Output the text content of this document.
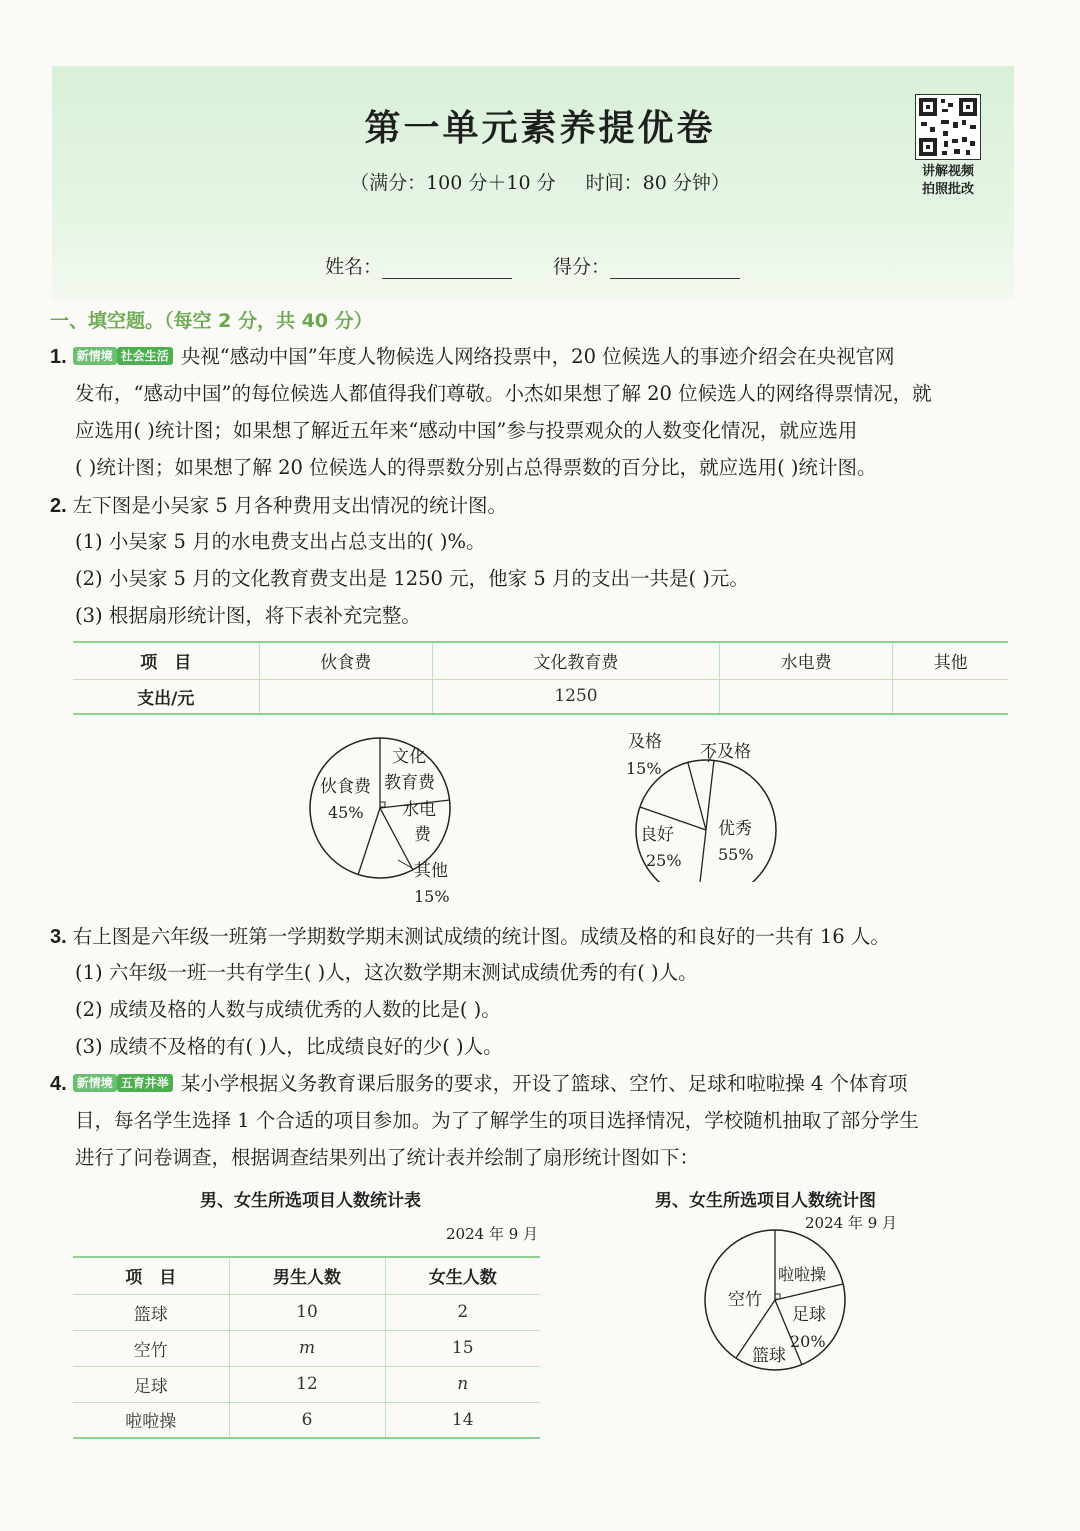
第一单元素养提优卷
（满分：100 分＋10 分 时间：80 分钟）
讲解视频
拍照批改
姓名：	得分：
一、填空题。（每空 2 分，共 40 分）
1. 新情境 社会生活 央视“感动中国”年度人物候选人网络投票中，20 位候选人的事迹介绍会在央视官网
发布，“感动中国”的每位候选人都值得我们尊敬。小杰如果想了解 20 位候选人的网络得票情况，就
应选用( )统计图；如果想了解近五年来“感动中国”参与投票观众的人数变化情况，就应选用
( )统计图；如果想了解 20 位候选人的得票数分别占总得票数的百分比，就应选用( )统计图。
2. 左下图是小吴家 5 月各种费用支出情况的统计图。
(1) 小吴家 5 月的水电费支出占总支出的( )%。
(2) 小吴家 5 月的文化教育费支出是 1250 元，他家 5 月的支出一共是( )元。
(3) 根据扇形统计图，将下表补充完整。
项　目	伙食费	文化教育费	水电费	其他
支出/元		1250		
伙食费
45%
文化
教育费
水电
费
其他
15%
及格
15%
不及格
良好
25%
优秀
55%
3. 右上图是六年级一班第一学期数学期末测试成绩的统计图。成绩及格的和良好的一共有 16 人。
(1) 六年级一班一共有学生( )人，这次数学期末测试成绩优秀的有( )人。
(2) 成绩及格的人数与成绩优秀的人数的比是( )。
(3) 成绩不及格的有( )人，比成绩良好的少( )人。
4. 新情境 五育并举 某小学根据义务教育课后服务的要求，开设了篮球、空竹、足球和啦啦操 4 个体育项
目，每名学生选择 1 个合适的项目参加。为了了解学生的项目选择情况，学校随机抽取了部分学生
进行了问卷调查，根据调查结果列出了统计表并绘制了扇形统计图如下：
男、女生所选项目人数统计表
2024 年 9 月
项　目	男生人数	女生人数
篮球	10	2
空竹	m	15
足球	12	n
啦啦操	6	14
男、女生所选项目人数统计图
2024 年 9 月
空竹
啦啦操
足球
20%
篮球
